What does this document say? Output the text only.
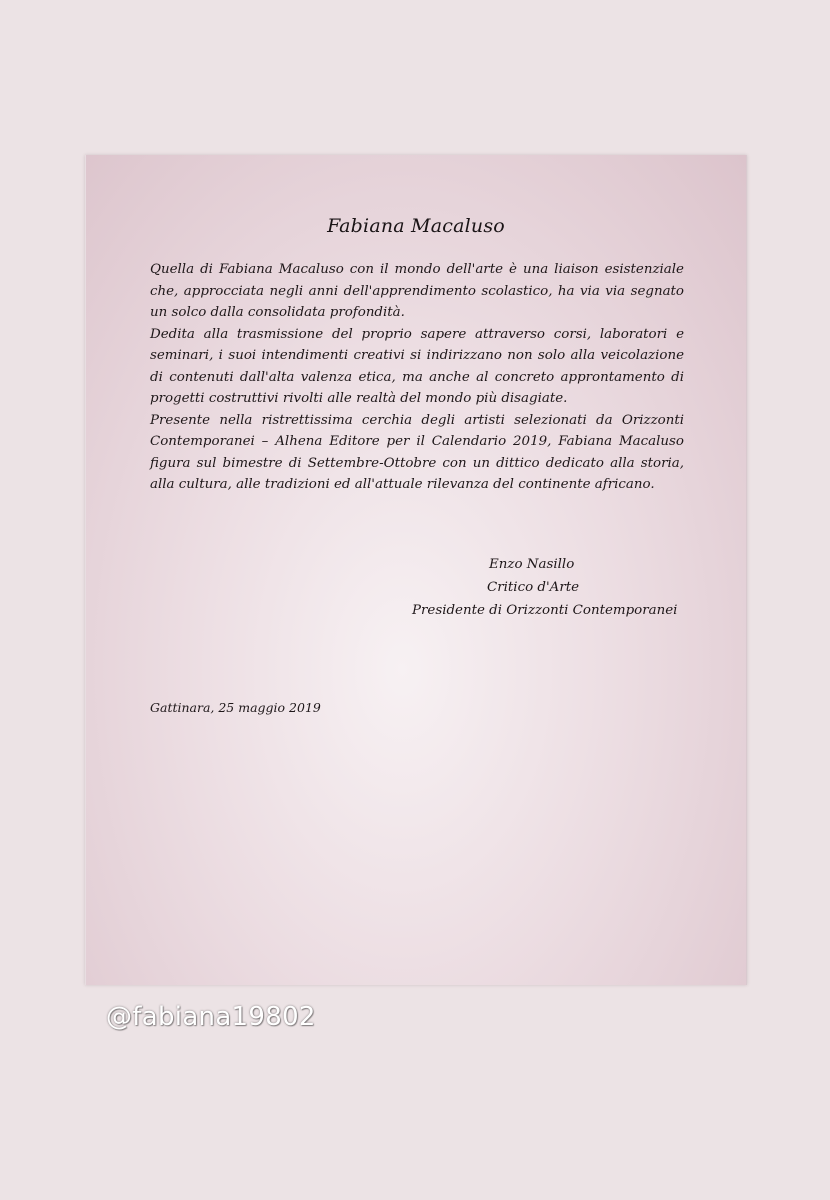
Fabiana Macaluso

Quella di Fabiana Macaluso con il mondo dell'arte è una liaison esistenziale che, approcciata negli anni dell'apprendimento scolastico, ha via via segnato un solco dalla consolidata profondità.

Dedita alla trasmissione del proprio sapere attraverso corsi, laboratori e seminari, i suoi intendimenti creativi si indirizzano non solo alla veicolazione di contenuti dall'alta valenza etica, ma anche al concreto approntamento di progetti costruttivi rivolti alle realtà del mondo più disagiate.

Presente nella ristrettissima cerchia degli artisti selezionati da Orizzonti Contemporanei – Alhena Editore per il Calendario 2019, Fabiana Macaluso figura sul bimestre di Settembre-Ottobre con un dittico dedicato alla storia, alla cultura, alle tradizioni ed all'attuale rilevanza del continente africano.

Enzo Nasillo
Critico d'Arte
Presidente di Orizzonti Contemporanei
Gattinara, 25 maggio 2019
@fabiana19802
